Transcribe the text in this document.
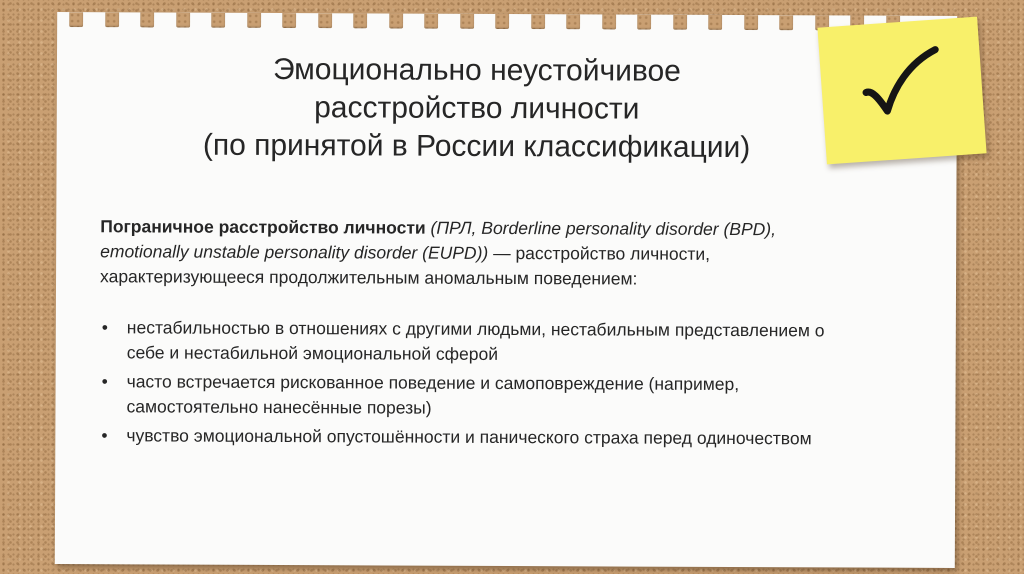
Эмоционально неустойчивое
расстройство личности
(по принятой в России классификации)

Пограничное расстройство личности (ПРЛ, Borderline personality disorder (BPD), emotionally unstable personality disorder (EUPD)) — расстройство личности, характеризующееся продолжительным аномальным поведением:

• нестабильностью в отношениях с другими людьми, нестабильным представлением о себе и нестабильной эмоциональной сферой
• часто встречается рискованное поведение и самоповреждение (например, самостоятельно нанесённые порезы)
• чувство эмоциональной опустошённости и панического страха перед одиночеством
